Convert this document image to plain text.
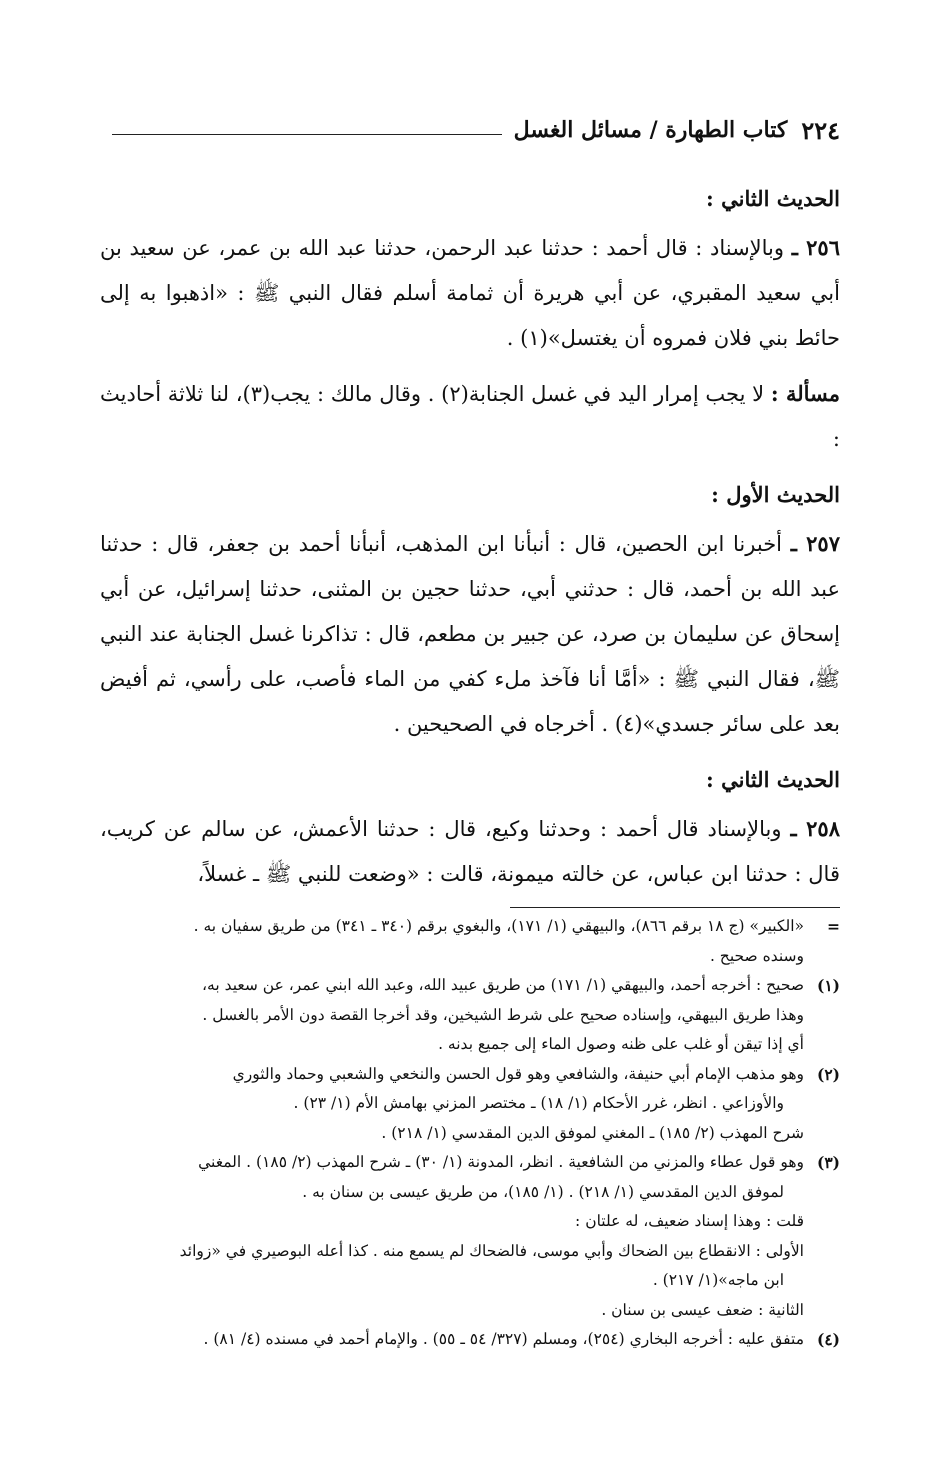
٢٢٤
كتاب الطهارة / مسائل الغسل
الحديث الثاني :
٢٥٦ ـ وبالإسناد : قال أحمد : حدثنا عبد الرحمن، حدثنا عبد الله بن عمر، عن سعيد بن أبي سعيد المقبري، عن أبي هريرة أن ثمامة أسلم فقال النبي ﷺ : «اذهبوا به إلى حائط بني فلان فمروه أن يغتسل»(١) .
مسألة : لا يجب إمرار اليد في غسل الجنابة(٢) . وقال مالك : يجب(٣)، لنا ثلاثة أحاديث :
الحديث الأول :
٢٥٧ ـ أخبرنا ابن الحصين، قال : أنبأنا ابن المذهب، أنبأنا أحمد بن جعفر، قال : حدثنا عبد الله بن أحمد، قال : حدثني أبي، حدثنا حجين بن المثنى، حدثنا إسرائيل، عن أبي إسحاق عن سليمان بن صرد، عن جبير بن مطعم، قال : تذاكرنا غسل الجنابة عند النبي ﷺ، فقال النبي ﷺ : «أمَّا أنا فآخذ ملء كفي من الماء فأصب، على رأسي، ثم أفيض بعد على سائر جسدي»(٤) . أخرجاه في الصحيحين .
الحديث الثاني :
٢٥٨ ـ وبالإسناد قال أحمد : وحدثنا وكيع، قال : حدثنا الأعمش، عن سالم عن كريب، قال : حدثنا ابن عباس، عن خالته ميمونة، قالت : «وضعت للنبي ﷺ ـ غسلاً،
=
«الكبير» (ج ١٨ برقم ٨٦٦)، والبيهقي (١/ ١٧١)، والبغوي برقم (٣٤٠ ـ ٣٤١) من طريق سفيان به .
وسنده صحيح .
(١)
صحيح : أخرجه أحمد، والبيهقي (١/ ١٧١) من طريق عبيد الله، وعبد الله ابني عمر، عن سعيد به،
وهذا طريق البيهقي، وإسناده صحيح على شرط الشيخين، وقد أخرجا القصة دون الأمر بالغسل .
أي إذا تيقن أو غلب على ظنه وصول الماء إلى جميع بدنه .
(٢)
وهو مذهب الإمام أبي حنيفة، والشافعي وهو قول الحسن والنخعي والشعبي وحماد والثوري
والأوزاعي . انظر، غرر الأحكام (١/ ١٨) ـ مختصر المزني بهامش الأم (١/ ٢٣) .
شرح المهذب (٢/ ١٨٥) ـ المغني لموفق الدين المقدسي (١/ ٢١٨) .
(٣)
وهو قول عطاء والمزني من الشافعية . انظر، المدونة (١/ ٣٠) ـ شرح المهذب (٢/ ١٨٥) . المغني
لموفق الدين المقدسي (١/ ٢١٨) . (١/ ١٨٥)، من طريق عيسى بن سنان به .
قلت : وهذا إسناد ضعيف، له علتان :
الأولى : الانقطاع بين الضحاك وأبي موسى، فالضحاك لم يسمع منه . كذا أعله البوصيري في «زوائد
ابن ماجه»(١/ ٢١٧) .
الثانية : ضعف عيسى بن سنان .
(٤)
متفق عليه : أخرجه البخاري (٢٥٤)، ومسلم (٣٢٧/ ٥٤ ـ ٥٥) . والإمام أحمد في مسنده (٤/ ٨١) .
